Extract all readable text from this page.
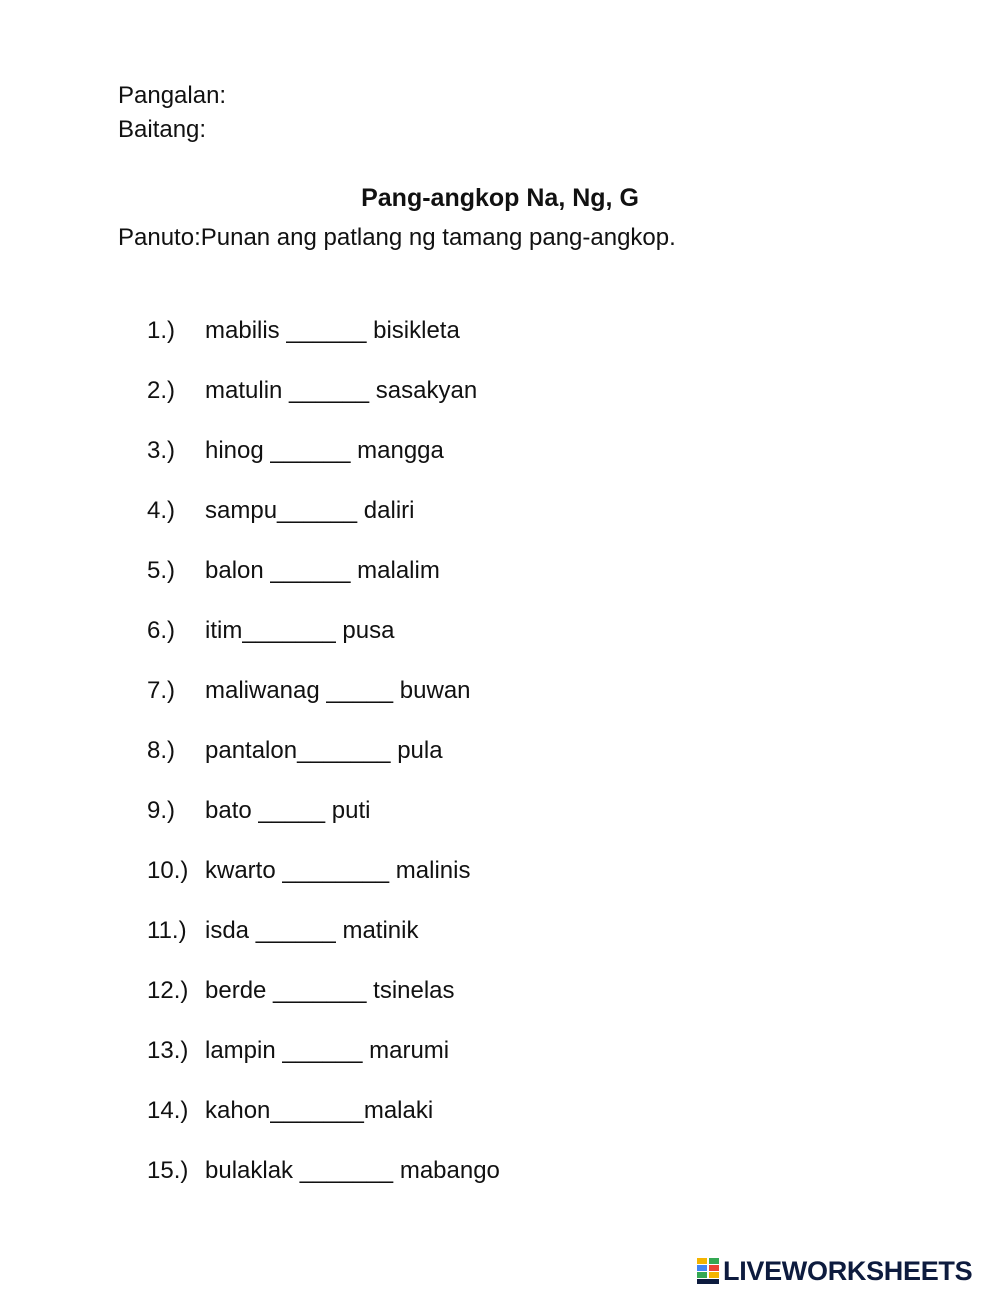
Pangalan:
Baitang:
Pang-angkop Na, Ng, G
Panuto:Punan ang patlang ng tamang pang-angkop.
1.) mabilis ______ bisikleta
2.) matulin ______ sasakyan
3.) hinog ______ mangga
4.) sampu______ daliri
5.) balon ______ malalim
6.) itim_______ pusa
7.) maliwanag _____ buwan
8.) pantalon_______ pula
9.) bato _____ puti
10.) kwarto ________ malinis
11.) isda ______ matinik
12.) berde _______ tsinelas
13.) lampin ______ marumi
14.) kahon_______malaki
15.) bulaklak _______ mabango
LIVEWORKSHEETS
